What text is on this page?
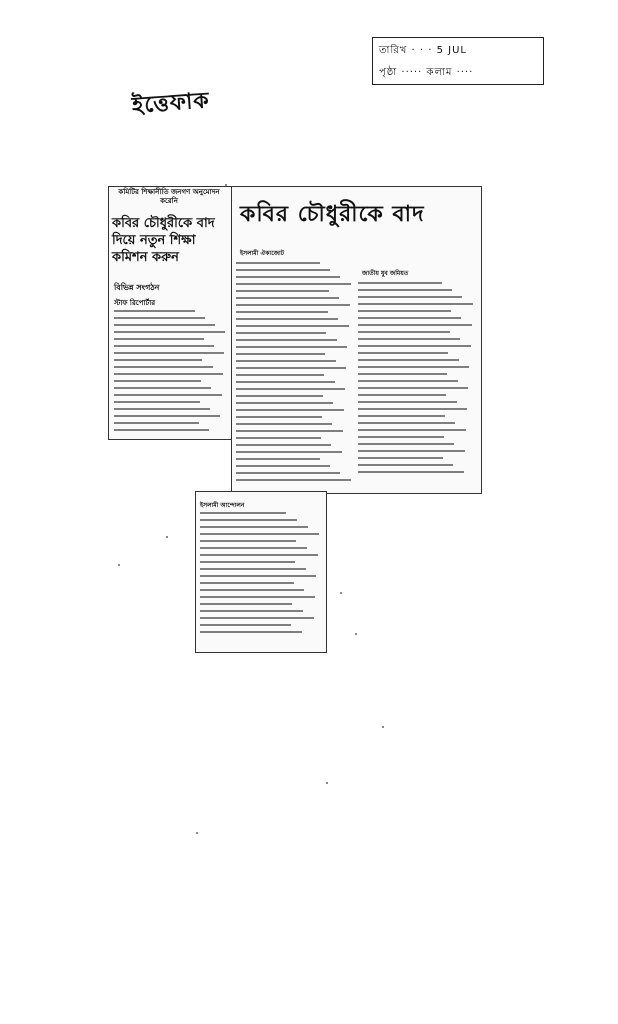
তারিখ · · · 5 JUL
পৃষ্ঠা ····· কলাম ····
ইত্তেফাক
কমিটির শিক্ষানীতি জনগণ অনুমোদন করেনি
কবির চৌধুরীকে বাদ দিয়ে নতুন শিক্ষা কমিশন করুন
বিভিন্ন সংগঠন
স্টাফ রিপোর্টার
কবির চৌধুরীকে বাদ
ইসলামী ঐক্যজোট
জাতীয় যুব জমিয়ত
ইসলামী আন্দোলন
